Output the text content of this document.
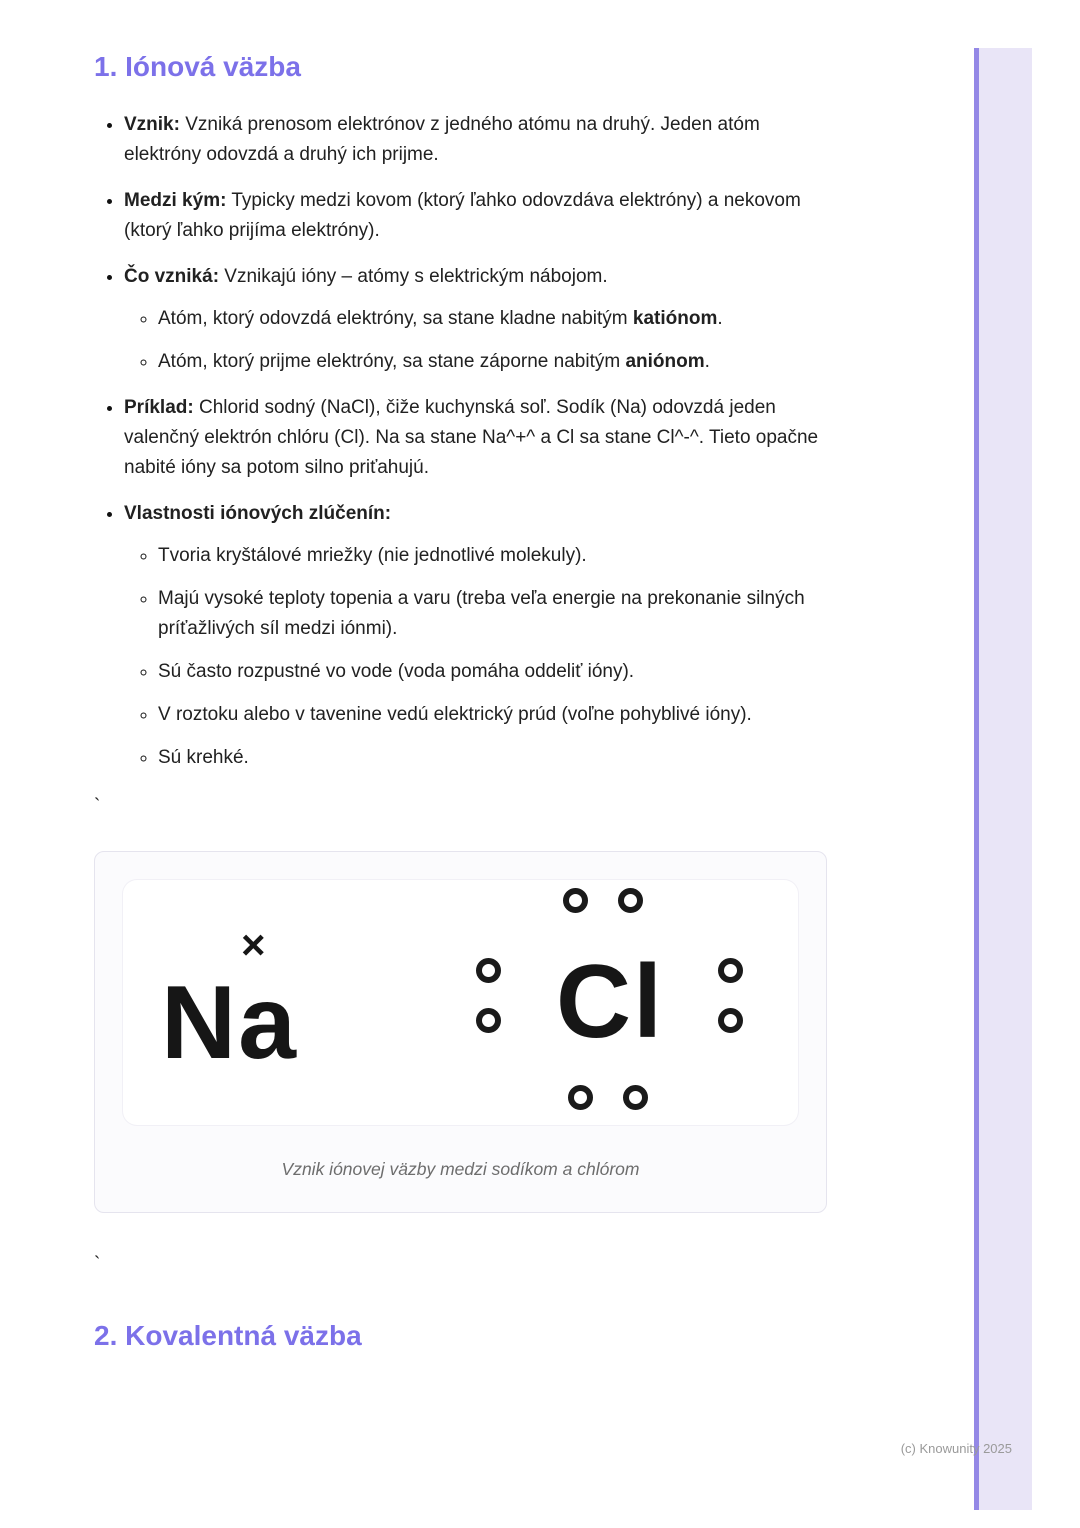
1. Iónová väzba
• Vznik: Vzniká prenosom elektrónov z jedného atómu na druhý. Jeden atóm elektróny odovzdá a druhý ich prijme.
• Medzi kým: Typicky medzi kovom (ktorý ľahko odovzdáva elektróny) a nekovom (ktorý ľahko prijíma elektróny).
• Čo vzniká: Vznikajú ióny – atómy s elektrickým nábojom.
◦ Atóm, ktorý odovzdá elektróny, sa stane kladne nabitým katiónom.
◦ Atóm, ktorý prijme elektróny, sa stane záporne nabitým aniónom.
• Príklad: Chlorid sodný (NaCl), čiže kuchynská soľ. Sodík (Na) odovzdá jeden valenčný elektrón chlóru (Cl). Na sa stane Na^+^ a Cl sa stane Cl^-^. Tieto opačne nabité ióny sa potom silno priťahujú.
• Vlastnosti iónových zlúčenín:
◦ Tvoria kryštálové mriežky (nie jednotlivé molekuly).
◦ Majú vysoké teploty topenia a varu (treba veľa energie na prekonanie silných príťažlivých síl medzi iónmi).
◦ Sú často rozpustné vo vode (voda pomáha oddeliť ióny).
◦ V roztoku alebo v tavenine vedú elektrický prúd (voľne pohyblivé ióny).
◦ Sú krehké.
`
×
Na Cl
Vznik iónovej väzby medzi sodíkom a chlórom
`
2. Kovalentná väzba
(c) Knowunity 2025
